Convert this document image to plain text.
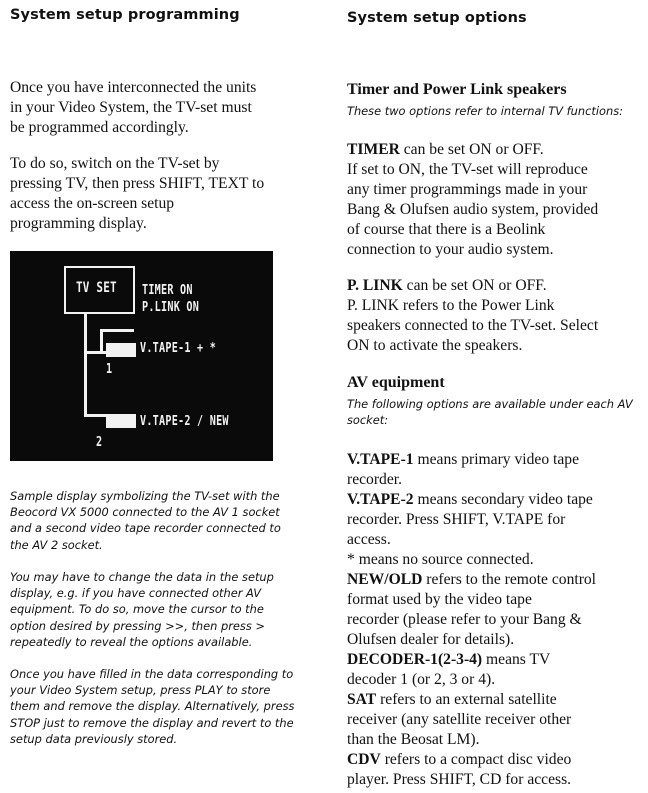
System setup programming
Once you have interconnected the units
in your Video System, the TV-set must
be programmed accordingly.
To do so, switch on the TV-set by
pressing TV, then press SHIFT, TEXT to
access the on-screen setup
programming display.
TV SET TIMER ON
P.LINK ON
V.TAPE-1 + *
1
V.TAPE-2 / NEW
2
Sample display symbolizing the TV-set with the
Beocord VX 5000 connected to the AV 1 socket
and a second video tape recorder connected to
the AV 2 socket.
You may have to change the data in the setup
display, e.g. if you have connected other AV
equipment. To do so, move the cursor to the
option desired by pressing >>, then press >
repeatedly to reveal the options available.
Once you have filled in the data corresponding to
your Video System setup, press PLAY to store
them and remove the display. Alternatively, press
STOP just to remove the display and revert to the
setup data previously stored.
System setup options
Timer and Power Link speakers
These two options refer to internal TV functions:
TIMER can be set ON or OFF.
If set to ON, the TV-set will reproduce
any timer programmings made in your
Bang & Olufsen audio system, provided
of course that there is a Beolink
connection to your audio system.
P. LINK can be set ON or OFF.
P. LINK refers to the Power Link
speakers connected to the TV-set. Select
ON to activate the speakers.
AV equipment
The following options are available under each AV
socket:
V.TAPE-1 means primary video tape
recorder.
V.TAPE-2 means secondary video tape
recorder. Press SHIFT, V.TAPE for
access.
* means no source connected.
NEW/OLD refers to the remote control
format used by the video tape
recorder (please refer to your Bang &
Olufsen dealer for details).
DECODER-1(2-3-4) means TV
decoder 1 (or 2, 3 or 4).
SAT refers to an external satellite
receiver (any satellite receiver other
than the Beosat LM).
CDV refers to a compact disc video
player. Press SHIFT, CD for access.
